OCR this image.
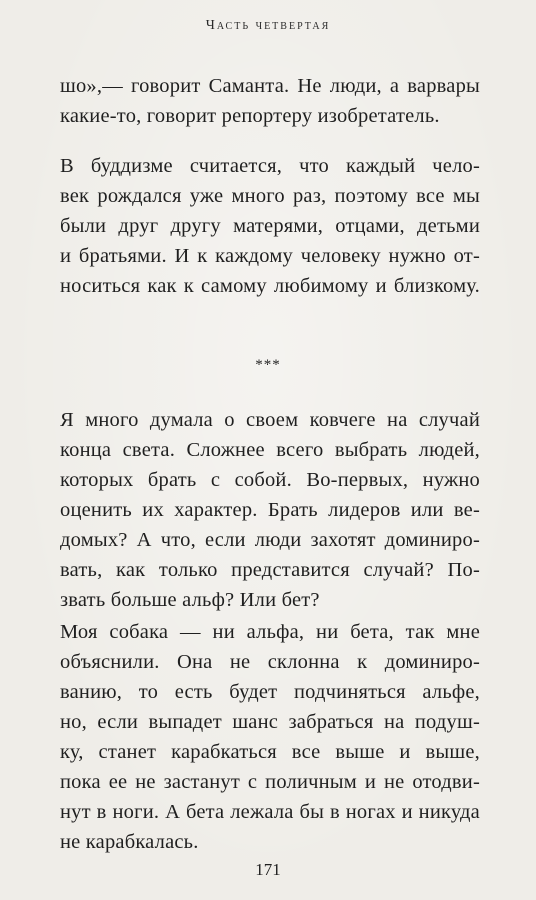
Часть четвертая
шо»,— говорит Саманта. Не люди, а варвары
какие-то, говорит репортеру изобретатель.
В буддизме считается, что каждый чело-
век рождался уже много раз, поэтому все мы
были друг другу матерями, отцами, детьми
и братьями. И к каждому человеку нужно от-
носиться как к самому любимому и близкому.
***
Я много думала о своем ковчеге на случай
конца света. Сложнее всего выбрать людей,
которых брать с собой. Во-первых, нужно
оценить их характер. Брать лидеров или ве-
домых? А что, если люди захотят доминиро-
вать, как только представится случай? По-
звать больше альф? Или бет?
Моя собака — ни альфа, ни бета, так мне
объяснили. Она не склонна к доминиро-
ванию, то есть будет подчиняться альфе,
но, если выпадет шанс забраться на подуш-
ку, станет карабкаться все выше и выше,
пока ее не застанут с поличным и не отодви-
нут в ноги. А бета лежала бы в ногах и никуда
не карабкалась.
171
